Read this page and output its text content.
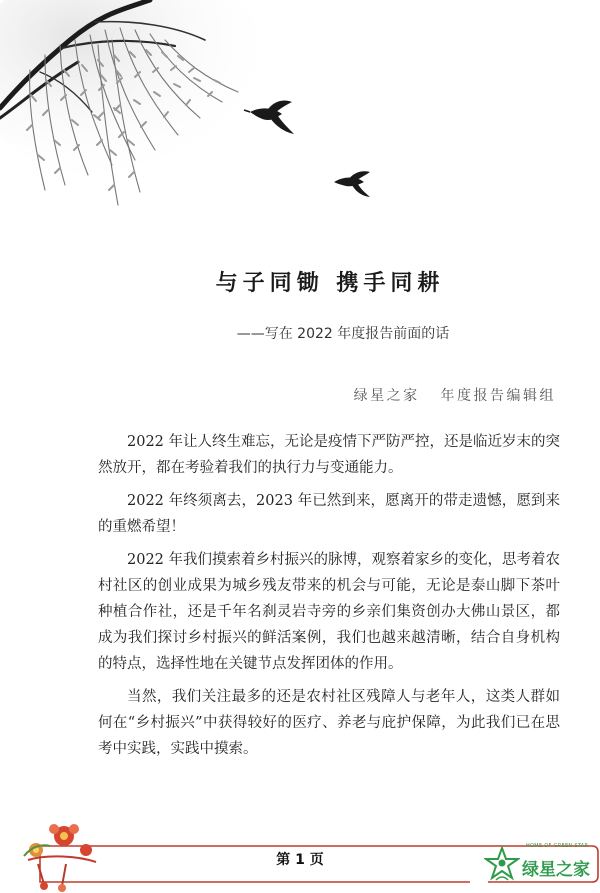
与子同锄 携手同耕
——写在 2022 年度报告前面的话
绿星之家   年度报告编辑组

2022 年让人终生难忘，无论是疫情下严防严控，还是临近岁末的突然放开，都在考验着我们的执行力与变通能力。

2022 年终须离去，2023 年已然到来，愿离开的带走遗憾，愿到来的重燃希望！

2022 年我们摸索着乡村振兴的脉博，观察着家乡的变化，思考着农村社区的创业成果为城乡残友带来的机会与可能，无论是泰山脚下茶叶种植合作社，还是千年名刹灵岩寺旁的乡亲们集资创办大佛山景区，都成为我们探讨乡村振兴的鲜活案例，我们也越来越清晰，结合自身机构的特点，选择性地在关键节点发挥团体的作用。

当然，我们关注最多的还是农村社区残障人与老年人，这类人群如何在“乡村振兴”中获得较好的医疗、养老与庇护保障，为此我们已在思考中实践，实践中摸索。

第 1 页
HOME OF GREEN STAR
绿星之家
